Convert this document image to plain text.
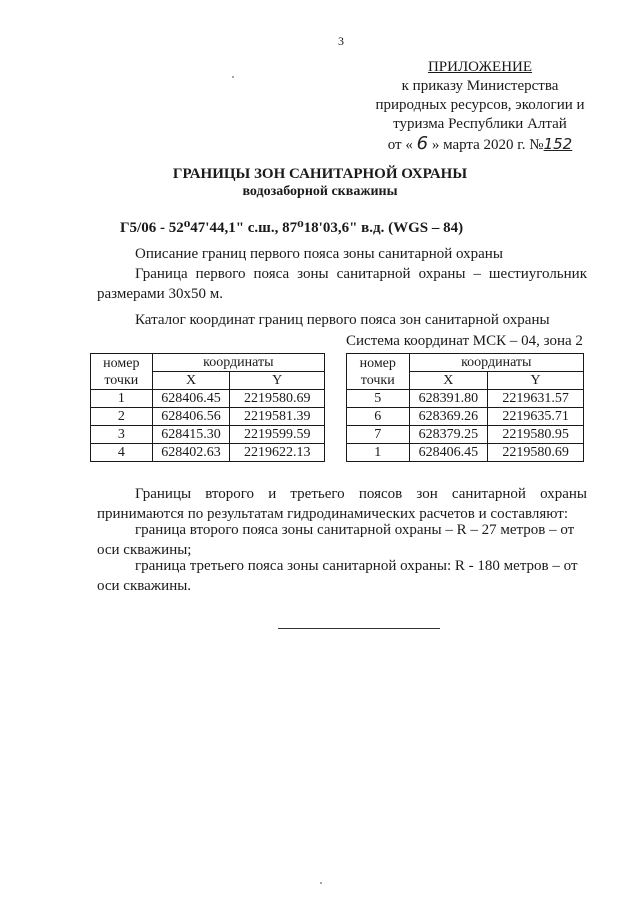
3
ПРИЛОЖЕНИЕ
к приказу Министерства
природных ресурсов, экологии и
туризма Республики Алтай
от « 6 » марта 2020 г. №152
ГРАНИЦЫ ЗОН САНИТАРНОЙ ОХРАНЫ
водозаборной скважины
Г5/06 - 52⁰47'44,1" с.ш., 87⁰18'03,6" в.д. (WGS – 84)
Описание границ первого пояса зоны санитарной охраны
Граница первого пояса зоны санитарной охраны – шестиугольник размерами 30х50 м.
Каталог координат границ первого пояса зон санитарной охраны
Система координат МСК – 04, зона 2
номер
точки	координаты	
	X	Y
1	628406.45	2219580.69
2	628406.56	2219581.39
3	628415.30	2219599.59
4	628402.63	2219622.13
номер
точки	координаты	
	X	Y
5	628391.80	2219631.57
6	628369.26	2219635.71
7	628379.25	2219580.95
1	628406.45	2219580.69
Границы второго и третьего поясов зон санитарной охраны принимаются по результатам гидродинамических расчетов и составляют:
граница второго пояса зоны санитарной охраны – R – 27 метров – от оси скважины;
граница третьего пояса зоны санитарной охраны: R - 180 метров – от оси скважины.
